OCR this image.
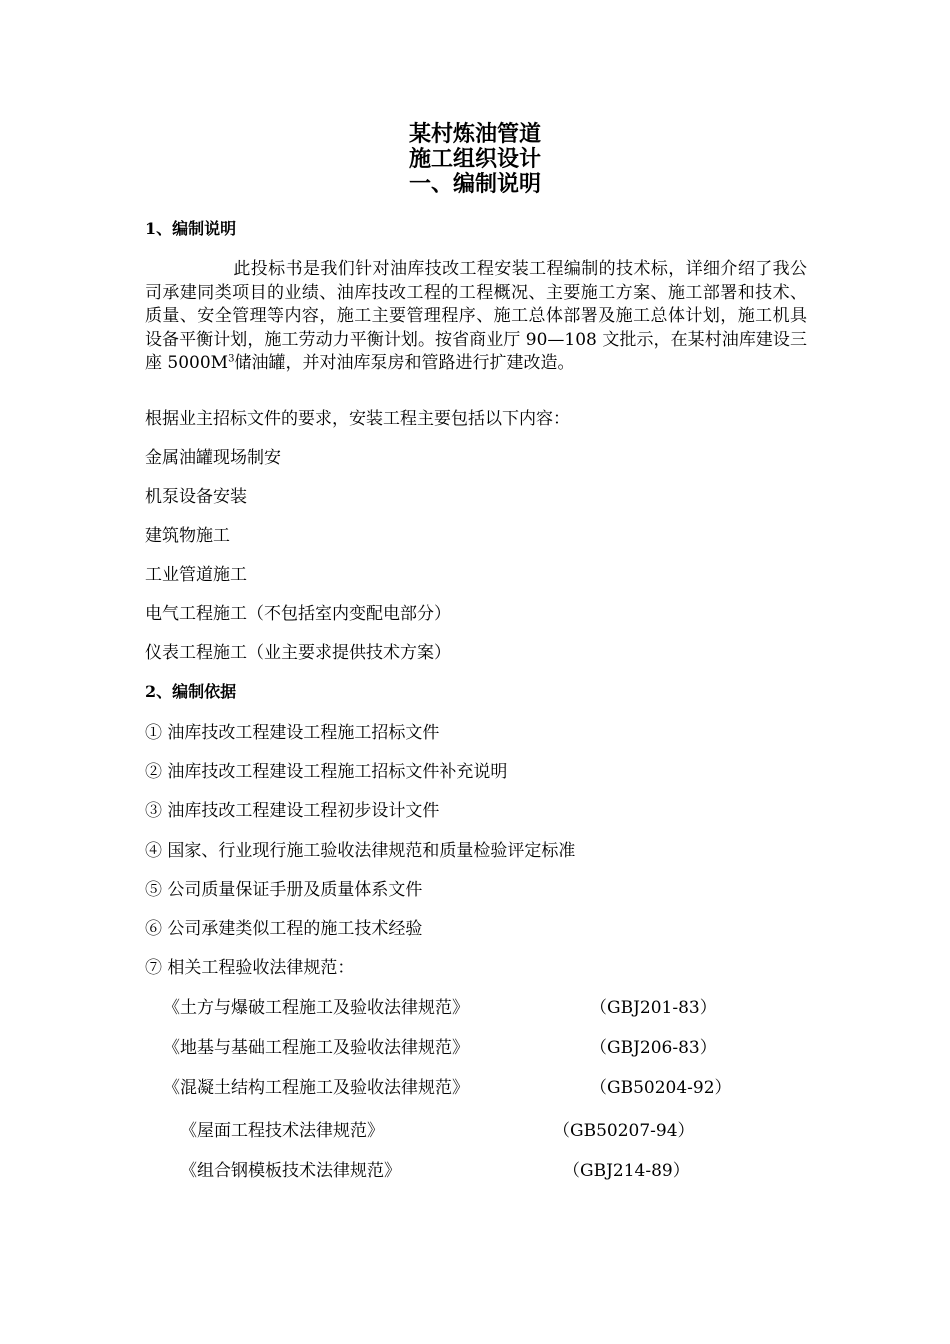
某村炼油管道

施工组织设计

一、编制说明

1、编制说明
此投标书是我们针对油库技改工程安装工程编制的技术标，详细介绍了我公司承建同类项目的业绩、油库技改工程的工程概况、主要施工方案、施工部署和技术、质量、安全管理等内容，施工主要管理程序、施工总体部署及施工总体计划，施工机具设备平衡计划，施工劳动力平衡计划。按省商业厅 90—108 文批示，在某村油库建设三座 $5000M^3$储油罐，并对油库泵房和管路进行扩建改造。
根据业主招标文件的要求，安装工程主要包括以下内容：
金属油罐现场制安
机泵设备安装
建筑物施工
工业管道施工
电气工程施工（不包括室内变配电部分）
仪表工程施工（业主要求提供技术方案）
2、编制依据
① 油库技改工程建设工程施工招标文件
② 油库技改工程建设工程施工招标文件补充说明
③ 油库技改工程建设工程初步设计文件
④ 国家、行业现行施工验收法律规范和质量检验评定标准
⑤ 公司质量保证手册及质量体系文件
⑥ 公司承建类似工程的施工技术经验
⑦ 相关工程验收法律规范：
《土方与爆破工程施工及验收法律规范》	（GBJ201-83）
《地基与基础工程施工及验收法律规范》	（GBJ206-83）
《混凝土结构工程施工及验收法律规范》	（GB50204-92）
《屋面工程技术法律规范》	（GB50207-94）
《组合钢模板技术法律规范》	（GBJ214-89）
